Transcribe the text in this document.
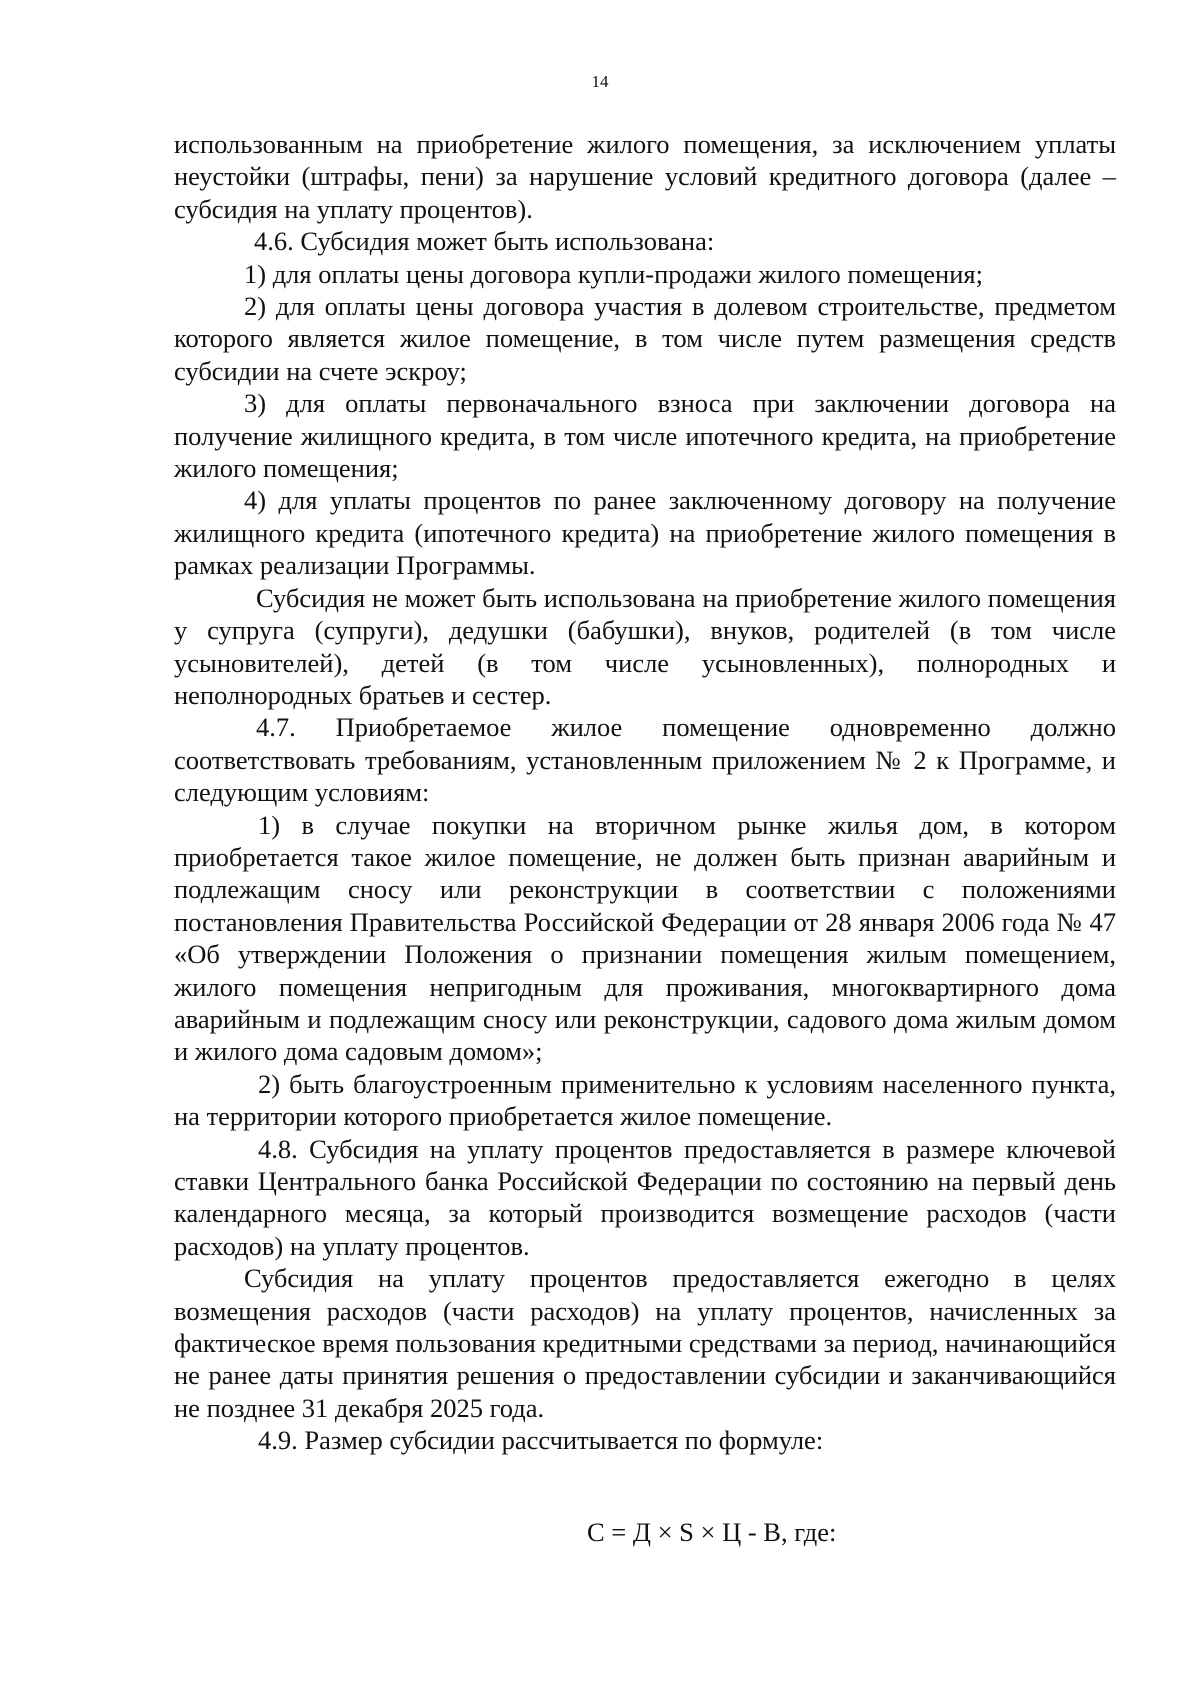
14

использованным на приобретение жилого помещения, за исключением уплаты неустойки (штрафы, пени) за нарушение условий кредитного договора (далее – субсидия на уплату процентов).

4.6. Субсидия может быть использована:

1) для оплаты цены договора купли-продажи жилого помещения;

2) для оплаты цены договора участия в долевом строительстве, предметом которого является жилое помещение, в том числе путем размещения средств субсидии на счете эскроу;

3) для оплаты первоначального взноса при заключении договора на получение жилищного кредита, в том числе ипотечного кредита, на приобретение жилого помещения;

4) для уплаты процентов по ранее заключенному договору на получение жилищного кредита (ипотечного кредита) на приобретение жилого помещения в рамках реализации Программы.

Субсидия не может быть использована на приобретение жилого помещения у супруга (супруги), дедушки (бабушки), внуков, родителей (в том числе усыновителей), детей (в том числе усыновленных), полнородных и неполнородных братьев и сестер.

4.7. Приобретаемое жилое помещение одновременно должно соответствовать требованиям, установленным приложением № 2 к Программе, и следующим условиям:

1) в случае покупки на вторичном рынке жилья дом, в котором приобретается такое жилое помещение, не должен быть признан аварийным и подлежащим сносу или реконструкции в соответствии с положениями постановления Правительства Российской Федерации от 28 января 2006 года № 47 «Об утверждении Положения о признании помещения жилым помещением, жилого помещения непригодным для проживания, многоквартирного дома аварийным и подлежащим сносу или реконструкции, садового дома жилым домом и жилого дома садовым домом»;

2) быть благоустроенным применительно к условиям населенного пункта, на территории которого приобретается жилое помещение.

4.8. Субсидия на уплату процентов предоставляется в размере ключевой ставки Центрального банка Российской Федерации по состоянию на первый день календарного месяца, за который производится возмещение расходов (части расходов) на уплату процентов.

Субсидия на уплату процентов предоставляется ежегодно в целях возмещения расходов (части расходов) на уплату процентов, начисленных за фактическое время пользования кредитными средствами за период, начинающийся не ранее даты принятия решения о предоставлении субсидии и заканчивающийся не позднее 31 декабря 2025 года.

4.9. Размер субсидии рассчитывается по формуле:

С = Д × S × Ц - В, где:
